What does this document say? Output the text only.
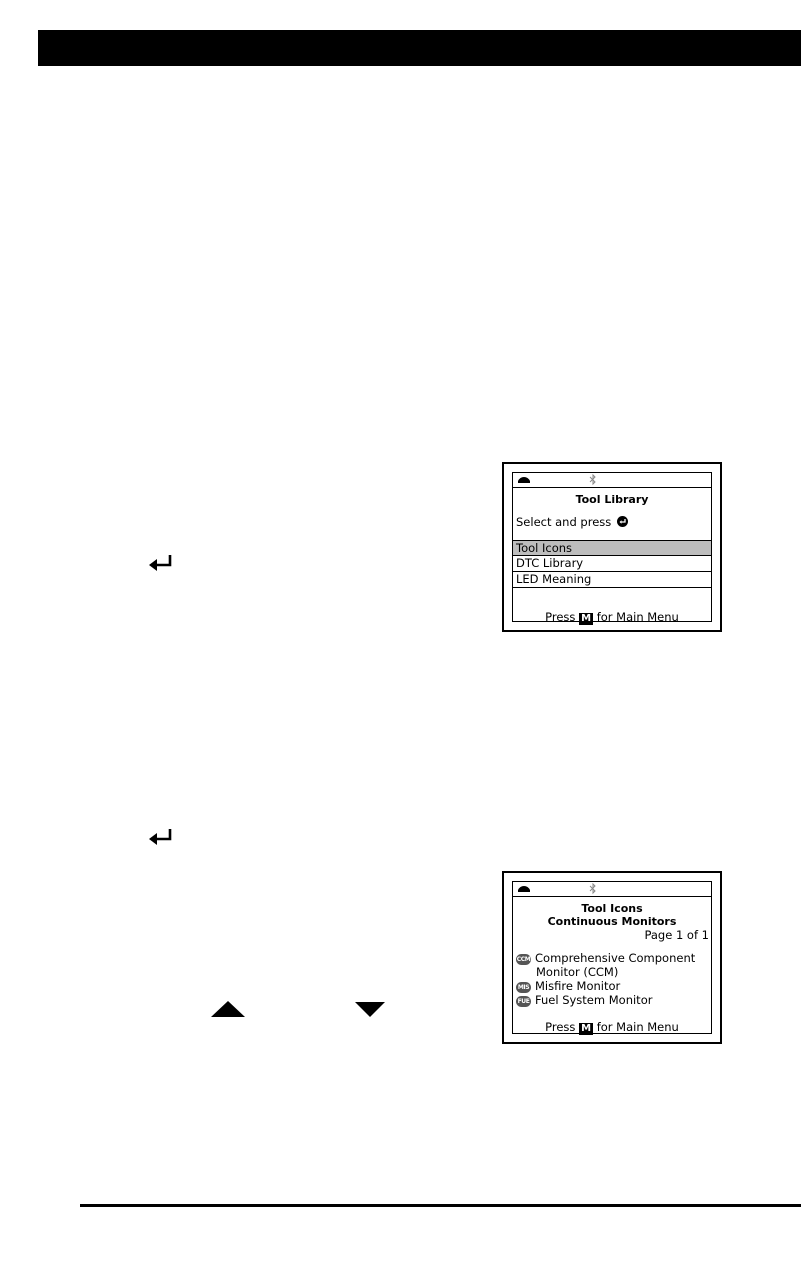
Tool Library
Select and press
Tool Icons
DTC Library
LED Meaning
Press M for Main Menu
Tool Icons
Continuous Monitors
Page 1 of 1
CCM Comprehensive Component
Monitor (CCM)
MIS Misfire Monitor
FUE Fuel System Monitor
Press M for Main Menu
